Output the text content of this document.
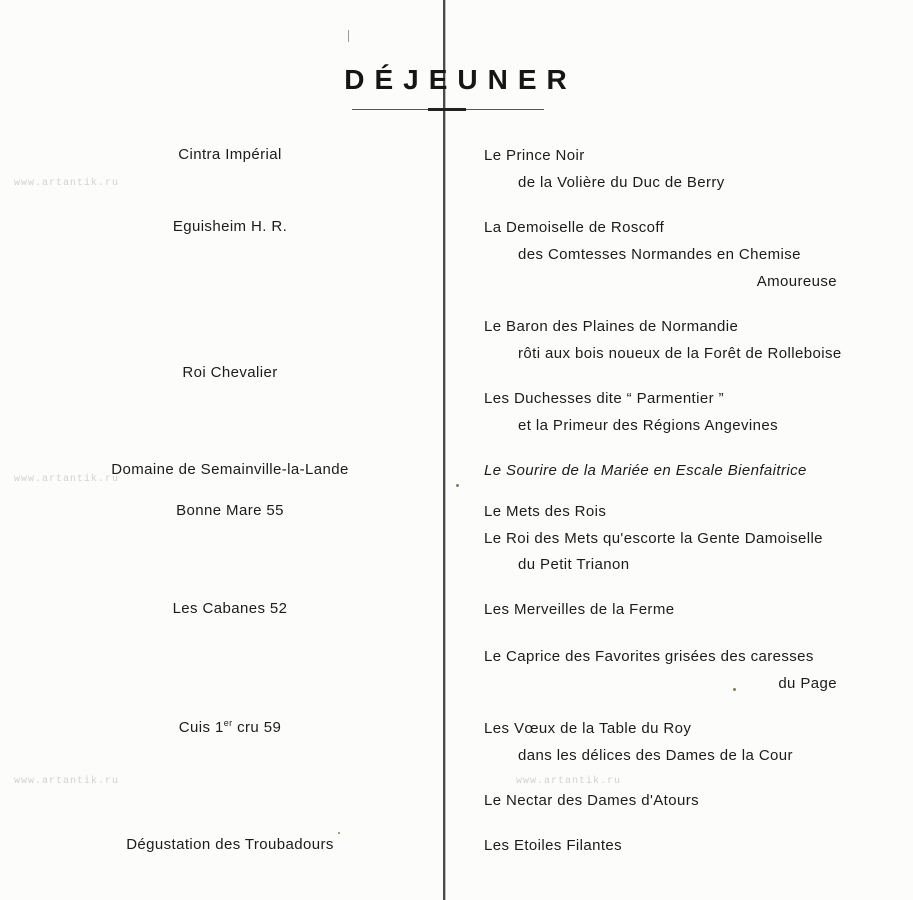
www.artantik.ru
www.artantik.ru
www.artantik.ru	www.artantik.ru
DÉJEUNER
Cintra Impérial
Eguisheim H. R.
Roi Chevalier
Domaine de Semainville-la-Lande
Bonne Mare 55
Les Cabanes 52
Cuis 1er cru 59
Dégustation des Troubadours
Le Prince Noir
de la Volière du Duc de Berry
La Demoiselle de Roscoff
des Comtesses Normandes en Chemise
Amoureuse
Le Baron des Plaines de Normandie
rôti aux bois noueux de la Forêt de Rolleboise
Les Duchesses dite “ Parmentier ”
et la Primeur des Régions Angevines
Le Sourire de la Mariée en Escale Bienfaitrice
Le Mets des Rois
Le Roi des Mets qu'escorte la Gente Damoiselle
du Petit Trianon
Les Merveilles de la Ferme
Le Caprice des Favorites grisées des caresses
du Page
Les Vœux de la Table du Roy
dans les délices des Dames de la Cour
Le Nectar des Dames d'Atours
Les Etoiles Filantes
